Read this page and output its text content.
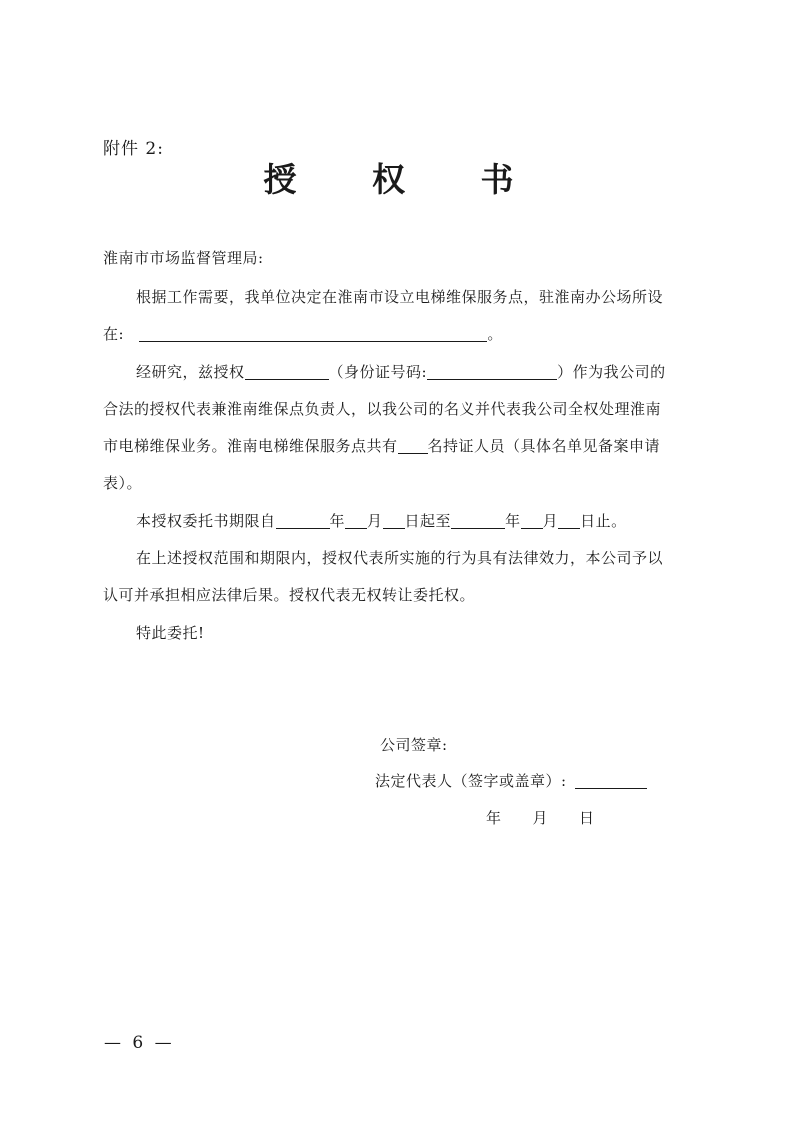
附件 2:
授 权 书
淮南市市场监督管理局:
根据工作需要，我单位决定在淮南市设立电梯维保服务点，驻淮南办公场所设
在:	。
经研究，兹授权	（身份证号码:	）作为我公司的
合法的授权代表兼淮南维保点负责人，以我公司的名义并代表我公司全权处理淮南
市电梯维保业务。淮南电梯维保服务点共有 名持证人员（具体名单见备案申请
表）。
本授权委托书期限自	年 月 日起至	年 月 日止。
在上述授权范围和期限内，授权代表所实施的行为具有法律效力，本公司予以
认可并承担相应法律后果。授权代表无权转让委托权。
特此委托!
公司签章:
法定代表人（签字或盖章）:
年　　月　　日
— 6 —
